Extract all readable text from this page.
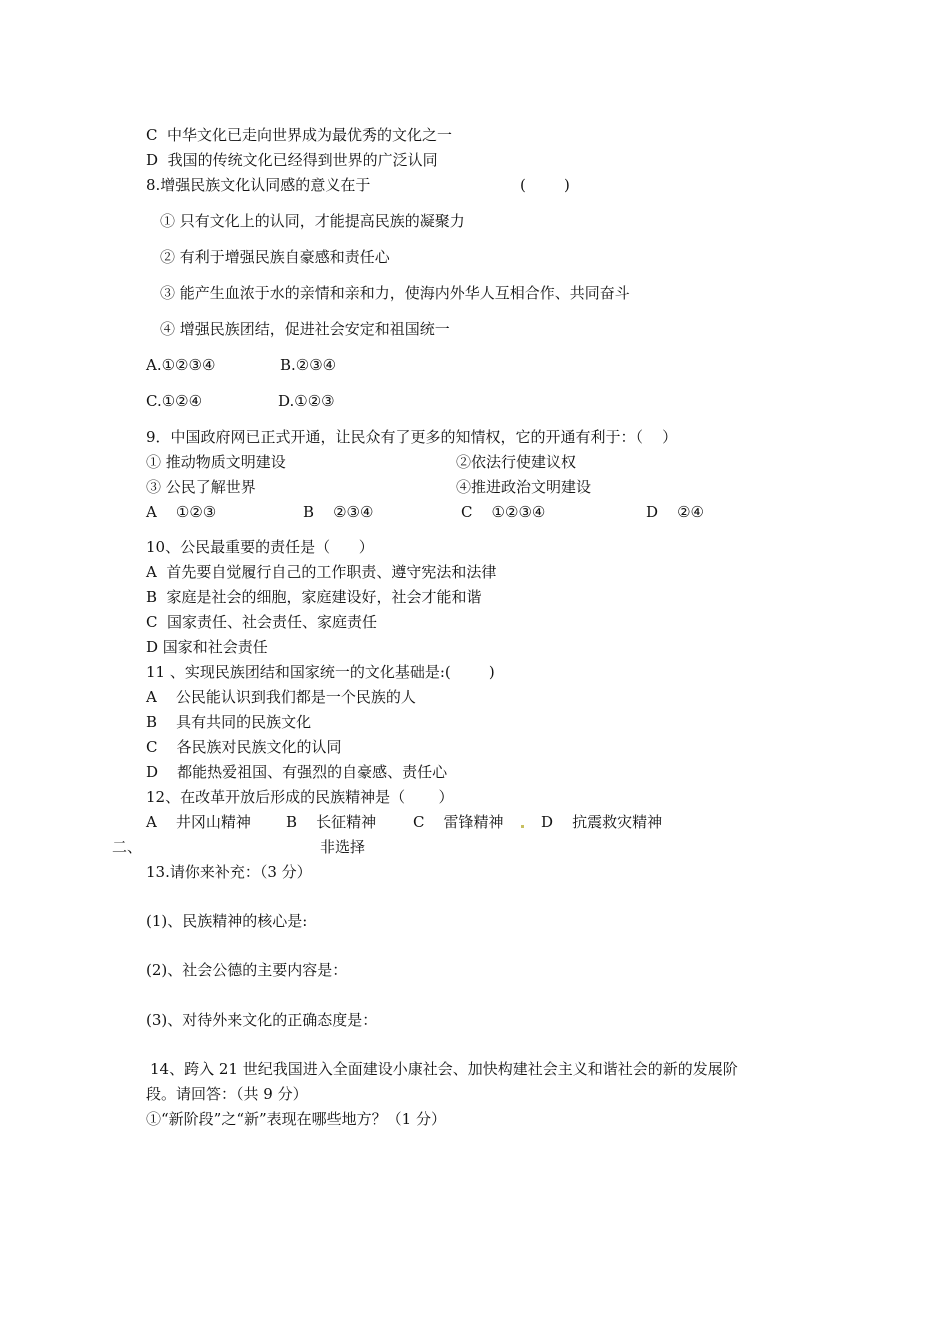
C  中华文化已走向世界成为最优秀的文化之一
D  我国的传统文化已经得到世界的广泛认同
8.增强民族文化认同感的意义在于	(        )
① 只有文化上的认同，才能提高民族的凝聚力
② 有利于增强民族自豪感和责任心
③ 能产生血浓于水的亲情和亲和力，使海内外华人互相合作、共同奋斗
④ 增强民族团结，促进社会安定和祖国统一
A.①②③④	B.②③④
C.①②④	D.①②③
9．中国政府网已正式开通，让民众有了更多的知情权，它的开通有利于：（    ）
① 推动物质文明建设	②依法行使建议权
③ 公民了解世界	④推进政治文明建设
A    ①②③	B    ②③④	C    ①②③④	D    ②④
10、公民最重要的责任是（      ）
A  首先要自觉履行自己的工作职责、遵守宪法和法律
B  家庭是社会的细胞，家庭建设好，社会才能和谐
C  国家责任、社会责任、家庭责任
D 国家和社会责任
11 、实现民族团结和国家统一的文化基础是:(        )
A    公民能认识到我们都是一个民族的人
B    具有共同的民族文化
C    各民族对民族文化的认同
D    都能热爱祖国、有强烈的自豪感、责任心
12、在改革开放后形成的民族精神是（       ）
A    井冈山精神 B    长征精神 C    雷锋精神 D    抗震救灾精神
二、	非选择
13.请你来补充：（3 分）
(1)、民族精神的核心是:
(2)、社会公德的主要内容是：
(3)、对待外来文化的正确态度是：
14、跨入 21 世纪我国进入全面建设小康社会、加快构建社会主义和谐社会的新的发展阶
段。请回答：（共 9 分）
①“新阶段”之“新”表现在哪些地方？（1 分）
